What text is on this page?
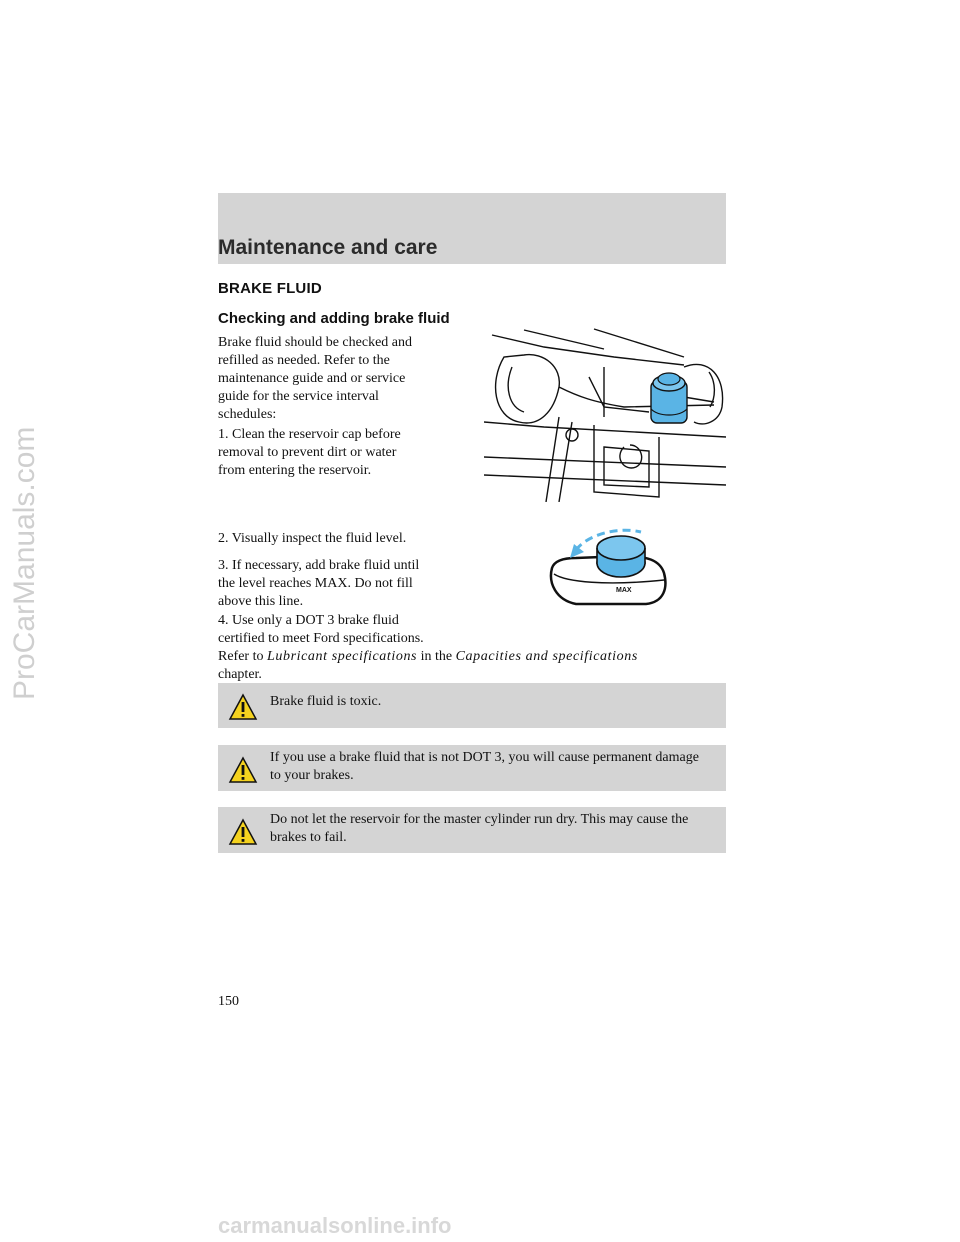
Maintenance and care
BRAKE FLUID
Checking and adding brake fluid

Brake fluid should be checked and
refilled as needed. Refer to the
maintenance guide and or service
guide for the service interval
schedules:

1. Clean the reservoir cap before
removal to prevent dirt or water
from entering the reservoir.

2. Visually inspect the fluid level.

3. If necessary, add brake fluid until
the level reaches MAX. Do not fill
above this line.

4. Use only a DOT 3 brake fluid
certified to meet Ford specifications.
Refer to Lubricant specifications in the Capacities and specifications
chapter.

MAX
Brake fluid is toxic.
If you use a brake fluid that is not DOT 3, you will cause permanent damage to your brakes.
Do not let the reservoir for the master cylinder run dry. This may cause the brakes to fail.
150
ProCarManuals.com
carmanualsonline.info
